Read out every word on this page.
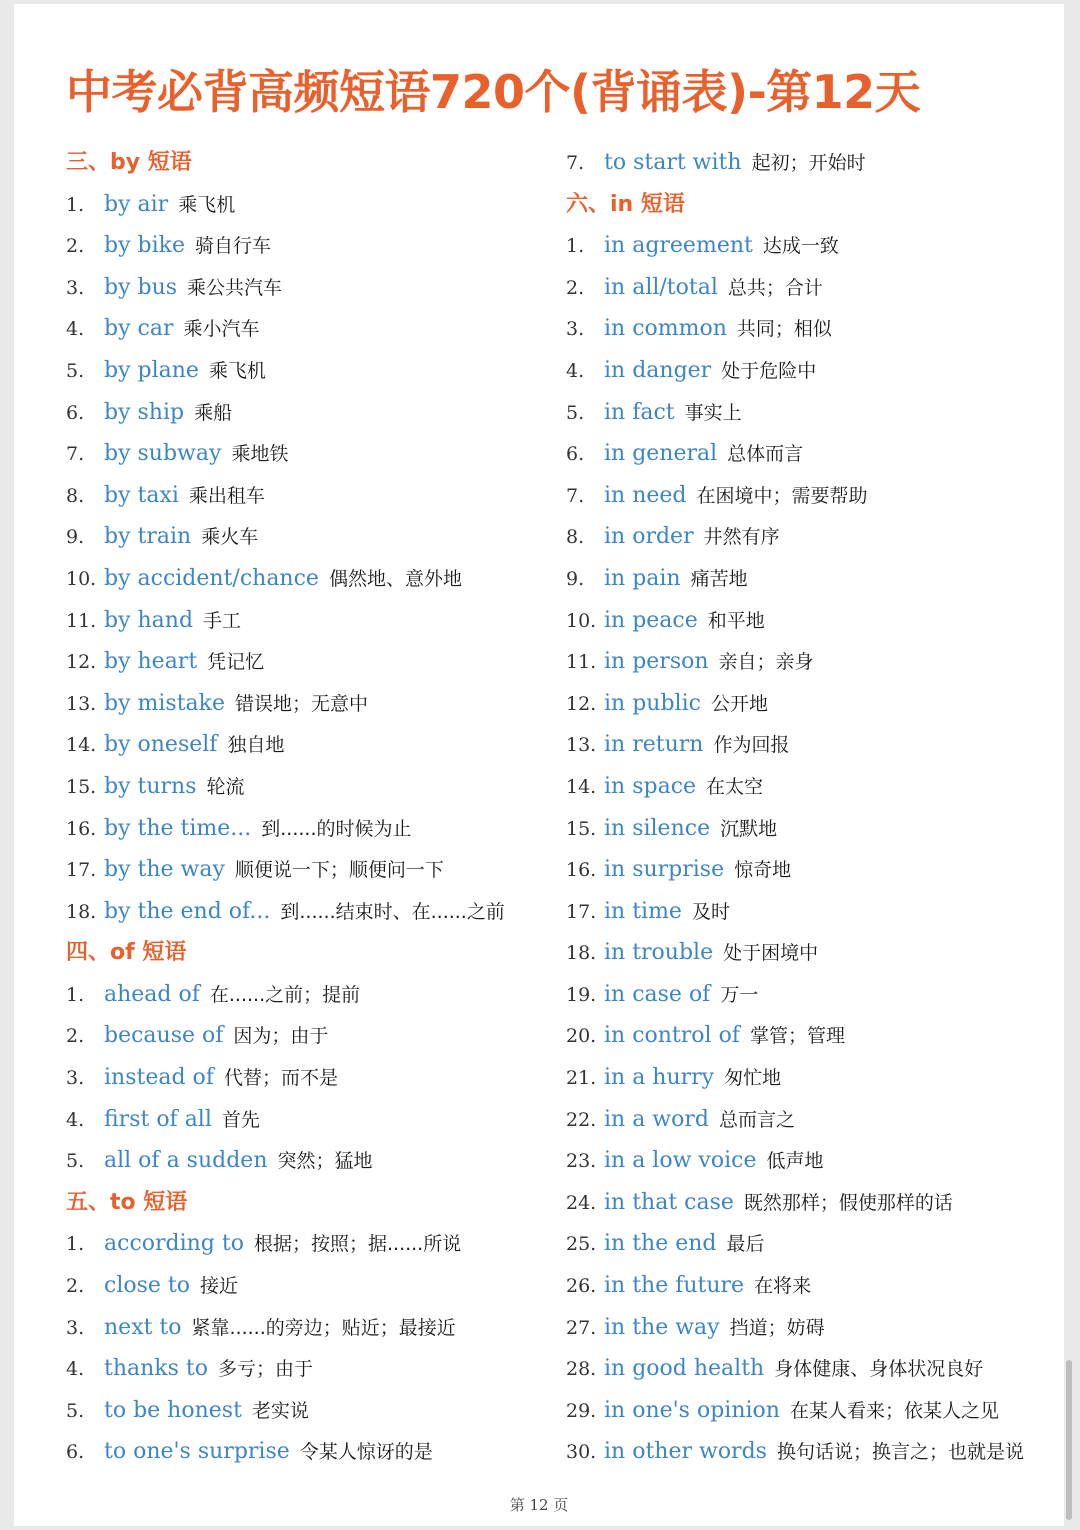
中考必背高频短语720个(背诵表)-第12天
三、by 短语
1. by air 乘飞机
2. by bike 骑自行车
3. by bus 乘公共汽车
4. by car 乘小汽车
5. by plane 乘飞机
6. by ship 乘船
7. by subway 乘地铁
8. by taxi 乘出租车
9. by train 乘火车
10. by accident/chance 偶然地、意外地
11. by hand 手工
12. by heart 凭记忆
13. by mistake 错误地；无意中
14. by oneself 独自地
15. by turns 轮流
16. by the time... 到......的时候为止
17. by the way 顺便说一下；顺便问一下
18. by the end of... 到......结束时、在......之前
四、of 短语
1. ahead of 在......之前；提前
2. because of 因为；由于
3. instead of 代替；而不是
4. first of all 首先
5. all of a sudden 突然；猛地
五、to 短语
1. according to 根据；按照；据......所说
2. close to 接近
3. next to 紧靠......的旁边；贴近；最接近
4. thanks to 多亏；由于
5. to be honest 老实说
6. to one's surprise 令某人惊讶的是
7. to start with 起初；开始时
六、in 短语
1. in agreement 达成一致
2. in all/total 总共；合计
3. in common 共同；相似
4. in danger 处于危险中
5. in fact 事实上
6. in general 总体而言
7. in need 在困境中；需要帮助
8. in order 井然有序
9. in pain 痛苦地
10. in peace 和平地
11. in person 亲自；亲身
12. in public 公开地
13. in return 作为回报
14. in space 在太空
15. in silence 沉默地
16. in surprise 惊奇地
17. in time 及时
18. in trouble 处于困境中
19. in case of 万一
20. in control of 掌管；管理
21. in a hurry 匆忙地
22. in a word 总而言之
23. in a low voice 低声地
24. in that case 既然那样；假使那样的话
25. in the end 最后
26. in the future 在将来
27. in the way 挡道；妨碍
28. in good health 身体健康、身体状况良好
29. in one's opinion 在某人看来；依某人之见
30. in other words 换句话说；换言之；也就是说
第 12 页
